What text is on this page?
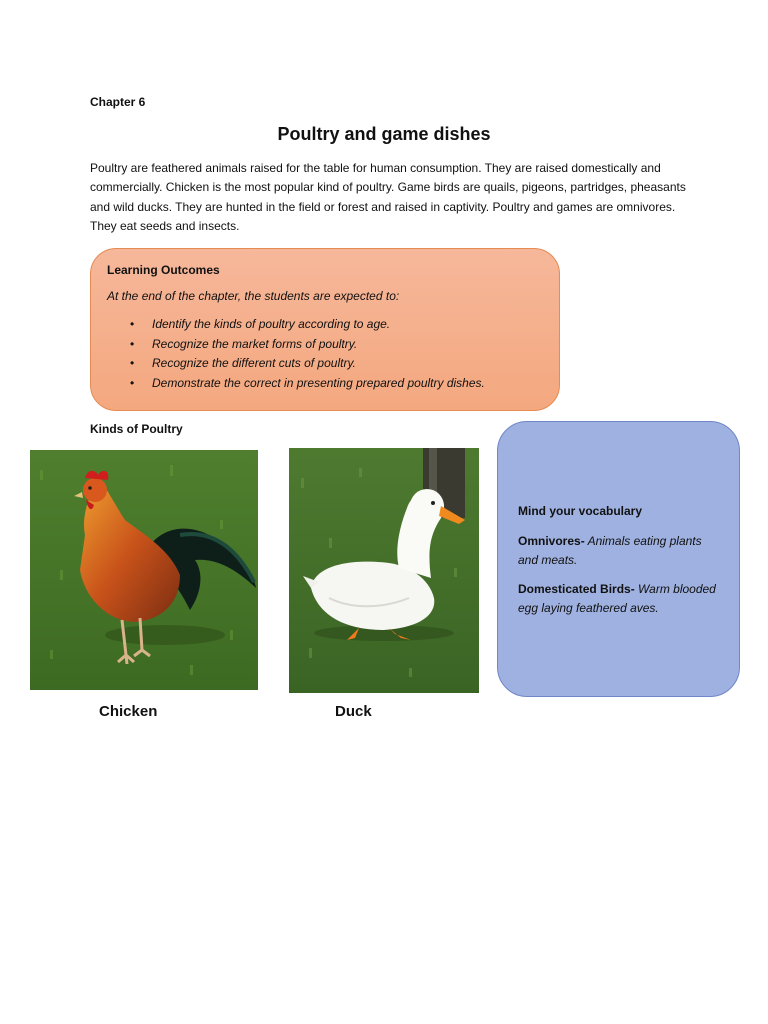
Chapter 6
Poultry and game dishes
Poultry are feathered animals raised for the table for human consumption. They are raised domestically and commercially. Chicken is the most popular kind of poultry. Game birds are quails, pigeons, partridges, pheasants and wild ducks. They are hunted in the field or forest and raised in captivity. Poultry and games are omnivores. They eat seeds and insects.
Learning Outcomes
At the end of the chapter, the students are expected to:
• Identify the kinds of poultry according to age.
• Recognize the market forms of poultry.
• Recognize the different cuts of poultry.
• Demonstrate the correct in presenting prepared poultry dishes.
Kinds of Poultry
Chicken	Duck
Mind your vocabulary
Omnivores- Animals eating plants and meats.
Domesticated Birds- Warm blooded egg laying feathered aves.
